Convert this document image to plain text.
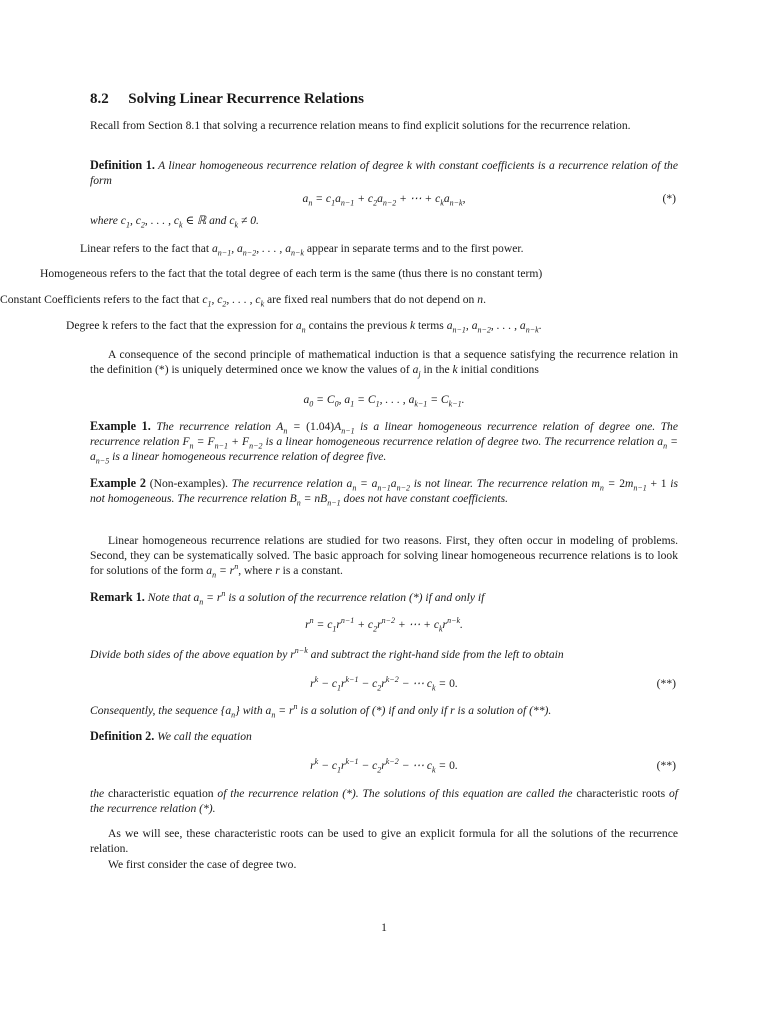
8.2 Solving Linear Recurrence Relations
Recall from Section 8.1 that solving a recurrence relation means to find explicit solutions for the recurrence relation.
Definition 1. A linear homogeneous recurrence relation of degree k with constant coefficients is a recurrence relation of the form
$a_n = c_1a_{n-1} + c_2a_{n-2}$ + ⋯ + $c_ka_{n-k}$,	(*)
where $c_1$, $c_2$, . . . , $c_k$ ∈ ℝ and $c_k \ne 0$.
Linear refers to the fact that $a_{n-1}$, $a_{n-2}$, . . . , $a_{n-k}$ appear in separate terms and to the first power.
Homogeneous refers to the fact that the total degree of each term is the same (thus there is no constant term)
Constant Coefficients refers to the fact that $c_1$, $c_2$, . . . , $c_k$ are fixed real numbers that do not depend on n.
Degree k refers to the fact that the expression for $a_n$ contains the previous k terms $a_{n-1}$, $a_{n-2}$, . . . , $a_{n-k}$.
A consequence of the second principle of mathematical induction is that a sequence satisfying the recurrence relation in the definition (*) is uniquely determined once we know the values of $a_j$ in the k initial conditions
$a_0 = C_0$, $a_1 = C_1$, . . . , $a_{k-1} = C_{k-1}$.
Example 1. The recurrence relation $A_n = (1.04)A_{n-1}$ is a linear homogeneous recurrence relation of degree one. The recurrence relation $F_n = F_{n-1} + F_{n-2}$ is a linear homogeneous recurrence relation of degree two. The recurrence relation $a_n = a_{n-5}$ is a linear homogeneous recurrence relation of degree five.
Example 2 (Non-examples). The recurrence relation $a_n = a_{n-1}a_{n-2}$ is not linear. The recurrence relation $m_n = 2m_{n-1} + 1$ is not homogeneous. The recurrence relation $B_n = nB_{n-1}$ does not have constant coefficients.
Linear homogeneous recurrence relations are studied for two reasons. First, they often occur in modeling of problems. Second, they can be systematically solved. The basic approach for solving linear homogeneous recurrence relations is to look for solutions of the form $a_n = r^n$, where r is a constant.
Remark 1. Note that $a_n = r^n$ is a solution of the recurrence relation (*) if and only if
$r^n = c_1r^{n-1} + c_2r^{n-2}$ + ⋯ + $c_kr^{n-k}$.
Divide both sides of the above equation by $r^{n-k}$ and subtract the right-hand side from the left to obtain
$r^k - c_1r^{k-1} - c_2r^{k-2}$ − ⋯ $c_k = 0$.	(**)
Consequently, the sequence $\{a_n\}$ with $a_n = r^n$ is a solution of (*) if and only if r is a solution of (**).
Definition 2. We call the equation
$r^k - c_1r^{k-1} - c_2r^{k-2}$ − ⋯ $c_k = 0$.	(**)
the characteristic equation of the recurrence relation (*). The solutions of this equation are called the characteristic roots of the recurrence relation (*).
As we will see, these characteristic roots can be used to give an explicit formula for all the solutions of the recurrence relation.
We first consider the case of degree two.
1
